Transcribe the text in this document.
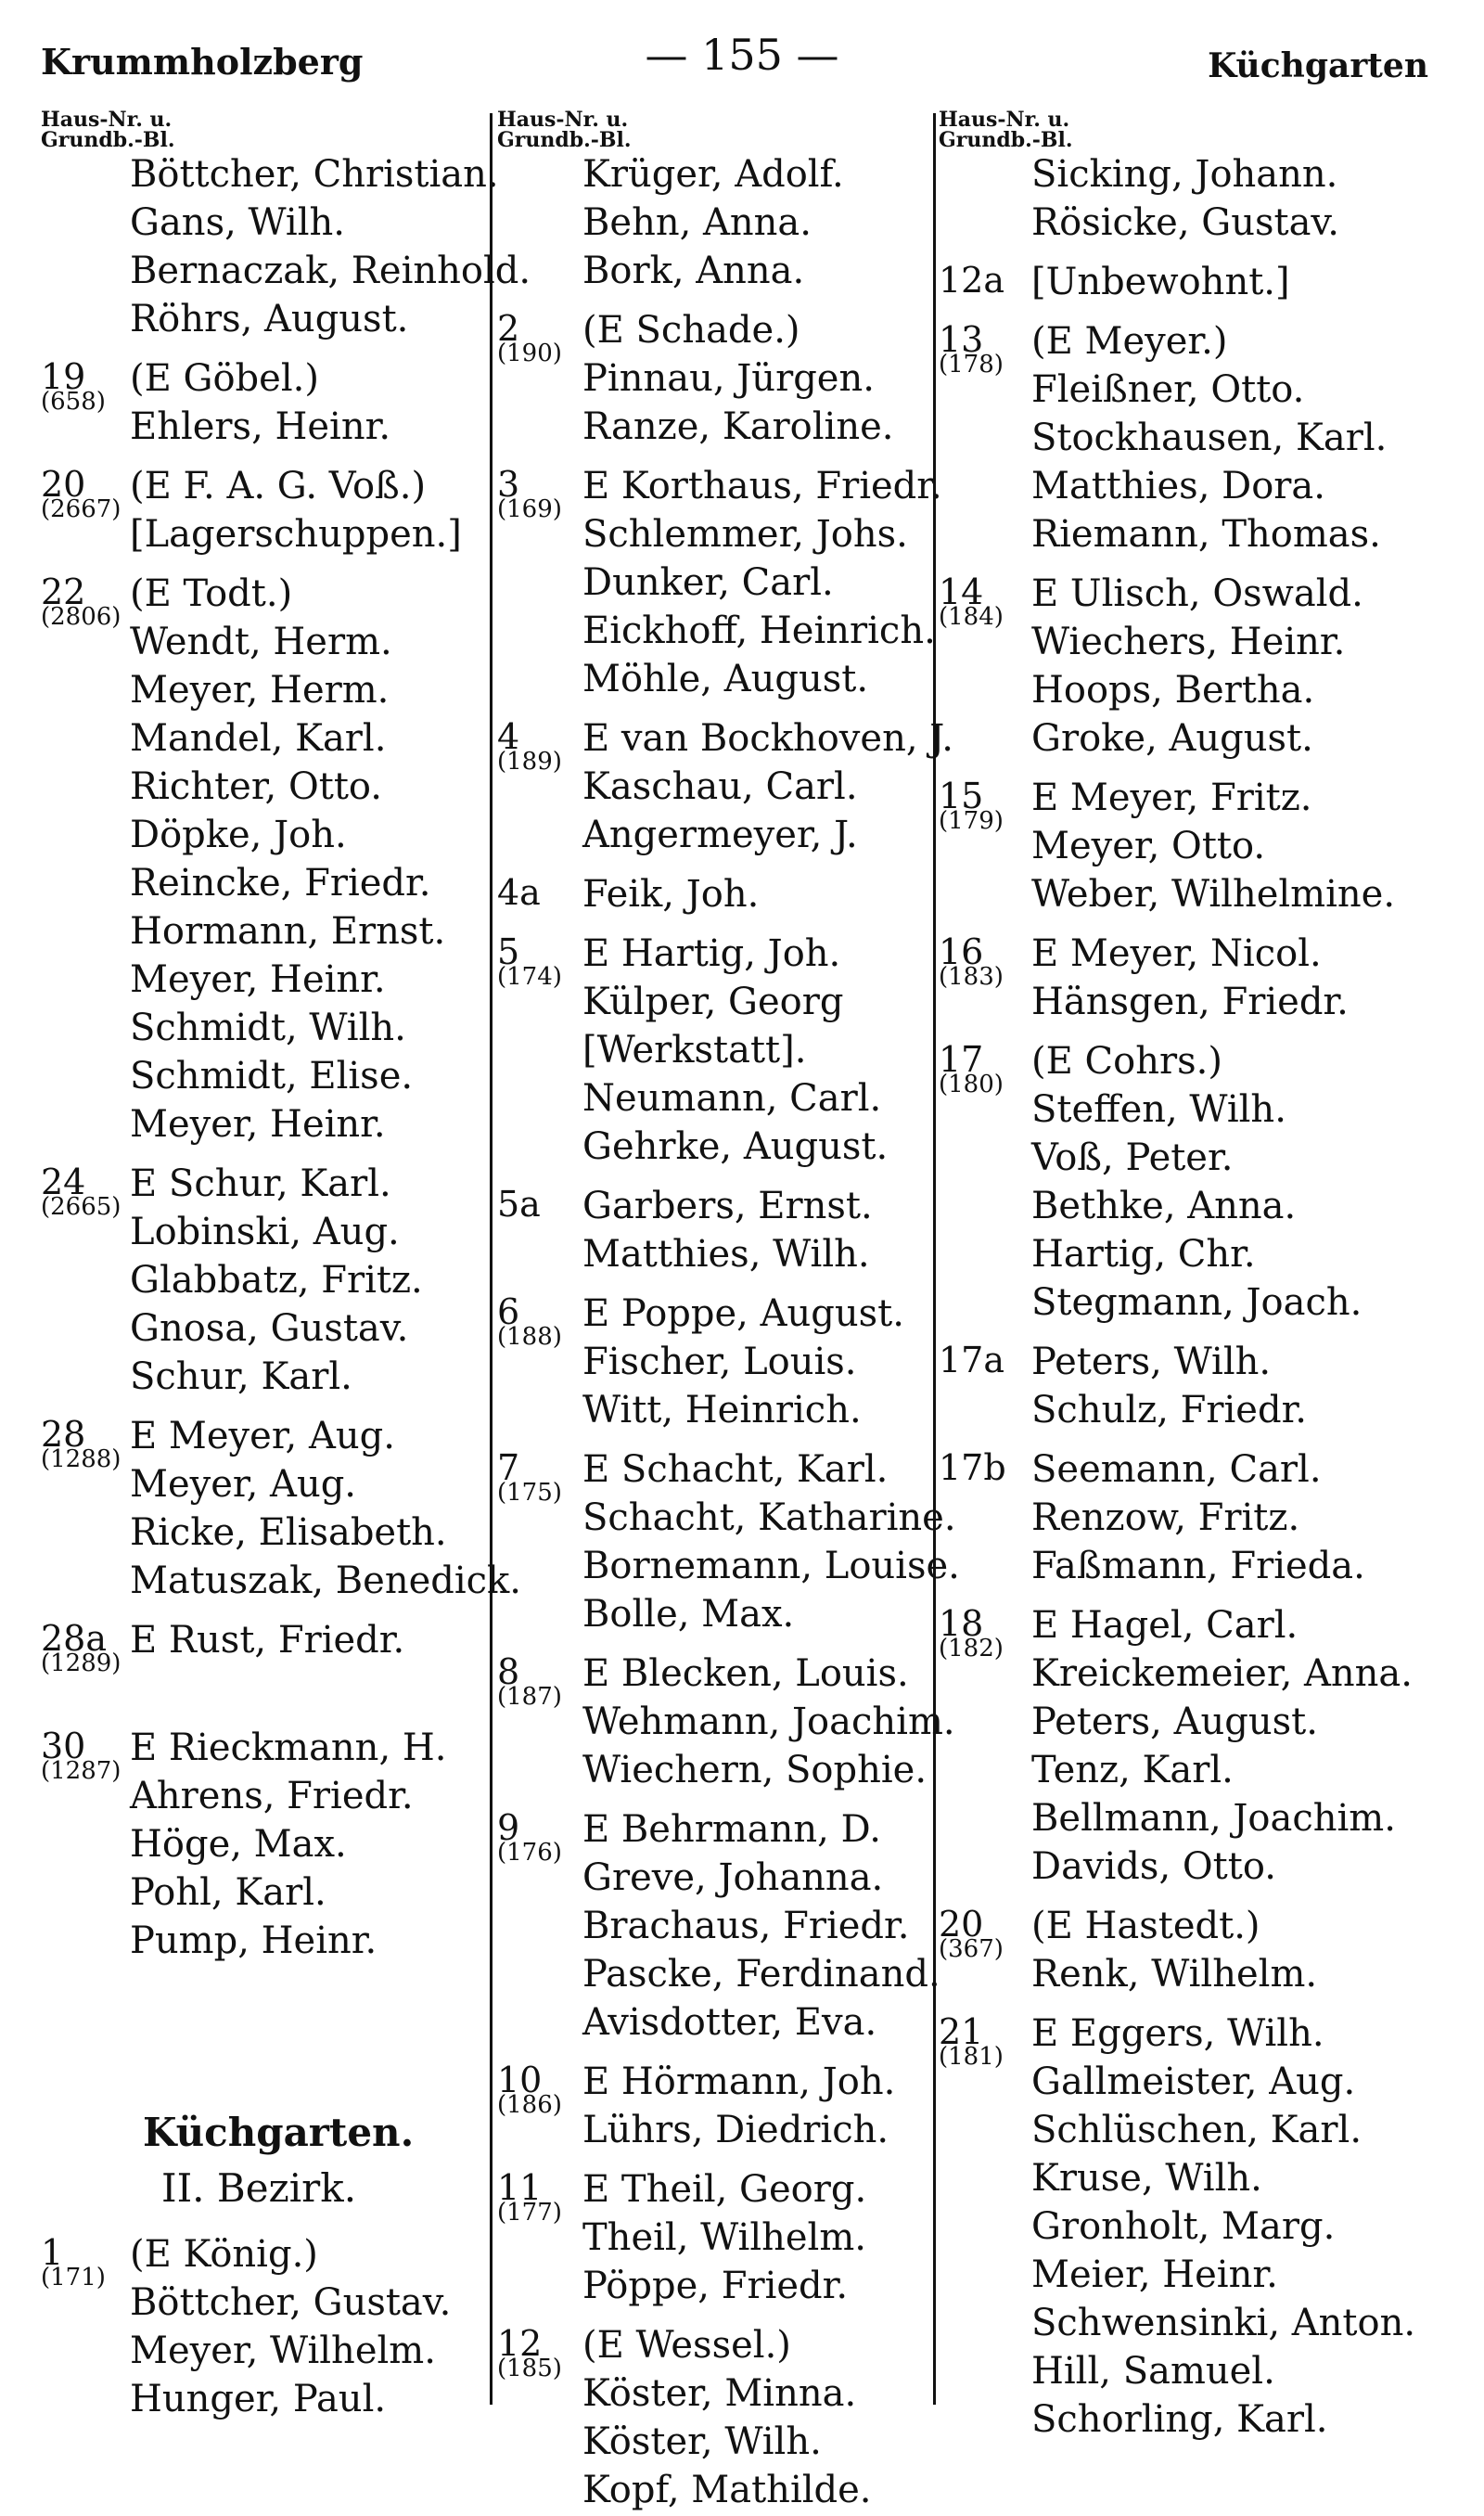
Krummholzberg	— 155 —	Küchgarten
Haus-Nr. u.
Grundb.-Bl.
Böttcher, Christian.
Gans, Wilh.
Bernaczak, Reinhold.
Röhrs, August.
19
(658)
(E Göbel.)
Ehlers, Heinr.
20
(2667)
(E F. A. G. Voß.)
[Lagerschuppen.]
22
(2806)
(E Todt.)
Wendt, Herm.
Meyer, Herm.
Mandel, Karl.
Richter, Otto.
Döpke, Joh.
Reincke, Friedr.
Hormann, Ernst.
Meyer, Heinr.
Schmidt, Wilh.
Schmidt, Elise.
Meyer, Heinr.
24
(2665)
E Schur, Karl.
Lobinski, Aug.
Glabbatz, Fritz.
Gnosa, Gustav.
Schur, Karl.
28
(1288)
E Meyer, Aug.
Meyer, Aug.
Ricke, Elisabeth.
Matuszak, Benedick.
28a
(1289)
E Rust, Friedr.
30
(1287)
E Rieckmann, H.
Ahrens, Friedr.
Höge, Max.
Pohl, Karl.
Pump, Heinr.
Küchgarten.
II. Bezirk.
1
(171)
(E König.)
Böttcher, Gustav.
Meyer, Wilhelm.
Hunger, Paul.
Haus-Nr. u.
Grundb.-Bl.
Krüger, Adolf.
Behn, Anna.
Bork, Anna.
2
(190)
(E Schade.)
Pinnau, Jürgen.
Ranze, Karoline.
3
(169)
E Korthaus, Friedr.
Schlemmer, Johs.
Dunker, Carl.
Eickhoff, Heinrich.
Möhle, August.
4
(189)
E van Bockhoven, J.
Kaschau, Carl.
Angermeyer, J.
4a Feik, Joh.
5
(174)
E Hartig, Joh.
Külper, Georg
[Werkstatt].
Neumann, Carl.
Gehrke, August.
5a Garbers, Ernst.
Matthies, Wilh.
6
(188)
E Poppe, August.
Fischer, Louis.
Witt, Heinrich.
7
(175)
E Schacht, Karl.
Schacht, Katharine.
Bornemann, Louise.
Bolle, Max.
8
(187)
E Blecken, Louis.
Wehmann, Joachim.
Wiechern, Sophie.
9
(176)
E Behrmann, D.
Greve, Johanna.
Brachaus, Friedr.
Pascke, Ferdinand.
Avisdotter, Eva.
10
(186)
E Hörmann, Joh.
Lührs, Diedrich.
11
(177)
E Theil, Georg.
Theil, Wilhelm.
Pöppe, Friedr.
12
(185)
(E Wessel.)
Köster, Minna.
Köster, Wilh.
Kopf, Mathilde.
Haus-Nr. u.
Grundb.-Bl.
Sicking, Johann.
Rösicke, Gustav.
12a [Unbewohnt.]
13
(178)
(E Meyer.)
Fleißner, Otto.
Stockhausen, Karl.
Matthies, Dora.
Riemann, Thomas.
14
(184)
E Ulisch, Oswald.
Wiechers, Heinr.
Hoops, Bertha.
Groke, August.
15
(179)
E Meyer, Fritz.
Meyer, Otto.
Weber, Wilhelmine.
16
(183)
E Meyer, Nicol.
Hänsgen, Friedr.
17
(180)
(E Cohrs.)
Steffen, Wilh.
Voß, Peter.
Bethke, Anna.
Hartig, Chr.
Stegmann, Joach.
17a Peters, Wilh.
Schulz, Friedr.
17b Seemann, Carl.
Renzow, Fritz.
Faßmann, Frieda.
18
(182)
E Hagel, Carl.
Kreickemeier, Anna.
Peters, August.
Tenz, Karl.
Bellmann, Joachim.
Davids, Otto.
20
(367)
(E Hastedt.)
Renk, Wilhelm.
21
(181)
E Eggers, Wilh.
Gallmeister, Aug.
Schlüschen, Karl.
Kruse, Wilh.
Gronholt, Marg.
Meier, Heinr.
Schwensinki, Anton.
Hill, Samuel.
Schorling, Karl.
